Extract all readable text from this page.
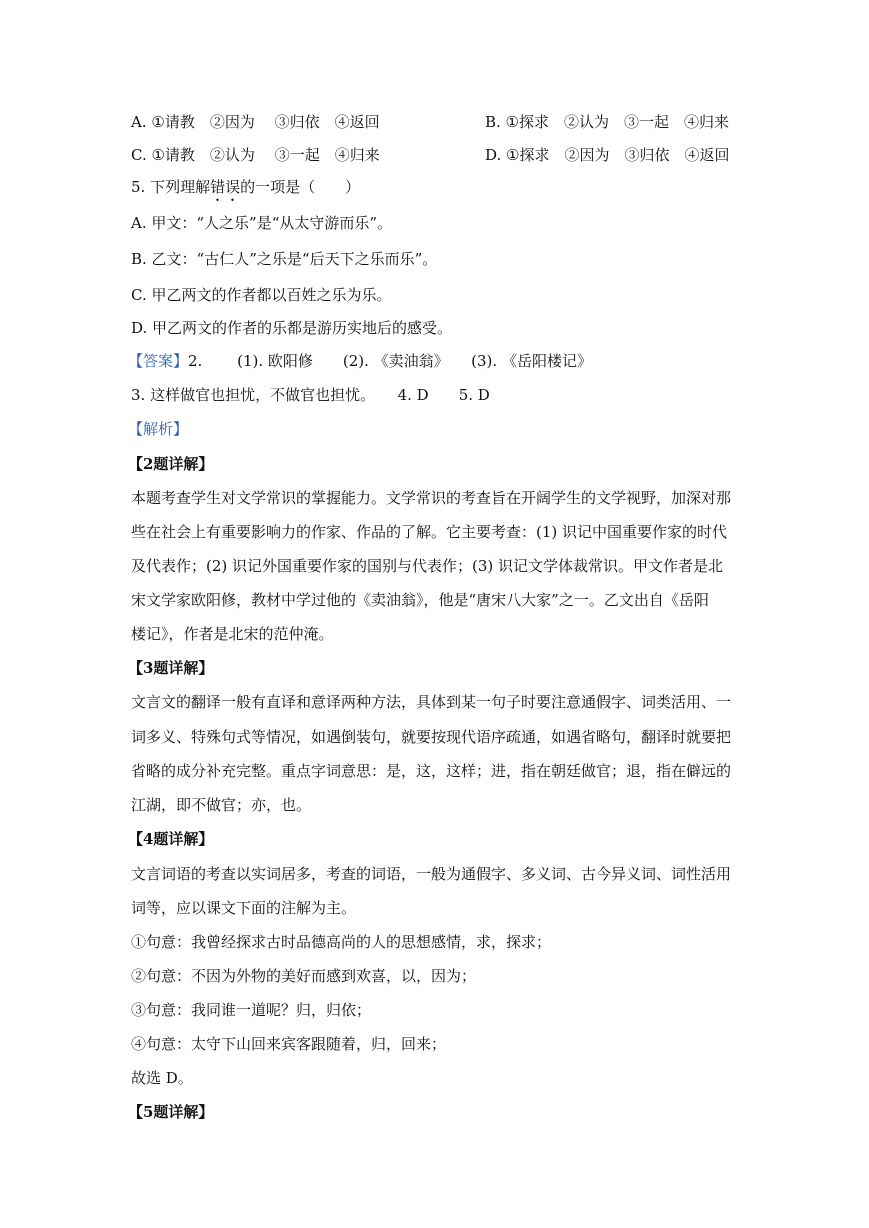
A. ①请教　②因为　 ③归依　④返回	B. ①探求　②认为　③一起　④归来
C. ①请教　②认为　 ③一起　④归来	D. ①探求　②因为　③归依　④返回
5. 下列理解错误的一项是（　　）
A. 甲文：“人之乐”是“从太守游而乐”。
B. 乙文：“古仁人”之乐是“后天下之乐而乐”。
C. 甲乙两文的作者都以百姓之乐为乐。
D. 甲乙两文的作者的乐都是游历实地后的感受。
【答案】2.　　 (1). 欧阳修　　(2). 《卖油翁》　　(3). 《岳阳楼记》
3. 这样做官也担忧，不做官也担忧。　　4. D　　5. D
【解析】
【2题详解】
本题考查学生对文学常识的掌握能力。文学常识的考查旨在开阔学生的文学视野，加深对那
些在社会上有重要影响力的作家、作品的了解。它主要考查：(1) 识记中国重要作家的时代
及代表作；(2) 识记外国重要作家的国别与代表作；(3) 识记文学体裁常识。甲文作者是北
宋文学家欧阳修，教材中学过他的《卖油翁》，他是“唐宋八大家”之一。乙文出自《岳阳
楼记》，作者是北宋的范仲淹。
【3题详解】
文言文的翻译一般有直译和意译两种方法，具体到某一句子时要注意通假字、词类活用、一
词多义、特殊句式等情况，如遇倒装句，就要按现代语序疏通，如遇省略句，翻译时就要把
省略的成分补充完整。重点字词意思：是，这，这样；进，指在朝廷做官；退，指在僻远的
江湖，即不做官；亦，也。
【4题详解】
文言词语的考查以实词居多，考查的词语，一般为通假字、多义词、古今异义词、词性活用
词等，应以课文下面的注解为主。
①句意：我曾经探求古时品德高尚的人的思想感情，求，探求；
②句意：不因为外物的美好而感到欢喜，以，因为；
③句意：我同谁一道呢？归，归依；
④句意：太守下山回来宾客跟随着，归，回来；
故选 D。
【5题详解】
